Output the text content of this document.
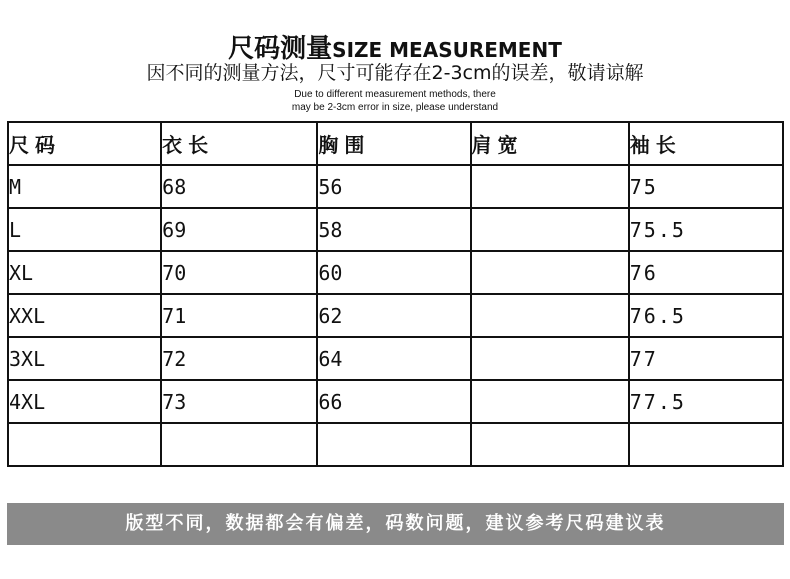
尺码测量SIZE MEASUREMENT
因不同的测量方法，尺寸可能存在2-3cm的误差，敬请谅解
Due to different measurement methods, there
may be 2-3cm error in size, please understand
尺码	衣长	胸围	肩宽	袖长
M	68	56		75
L	69	58		75.5
XL	70	60		76
XXL	71	62		76.5
3XL	72	64		77
4XL	73	66		77.5

版型不同，数据都会有偏差，码数问题，建议参考尺码建议表
